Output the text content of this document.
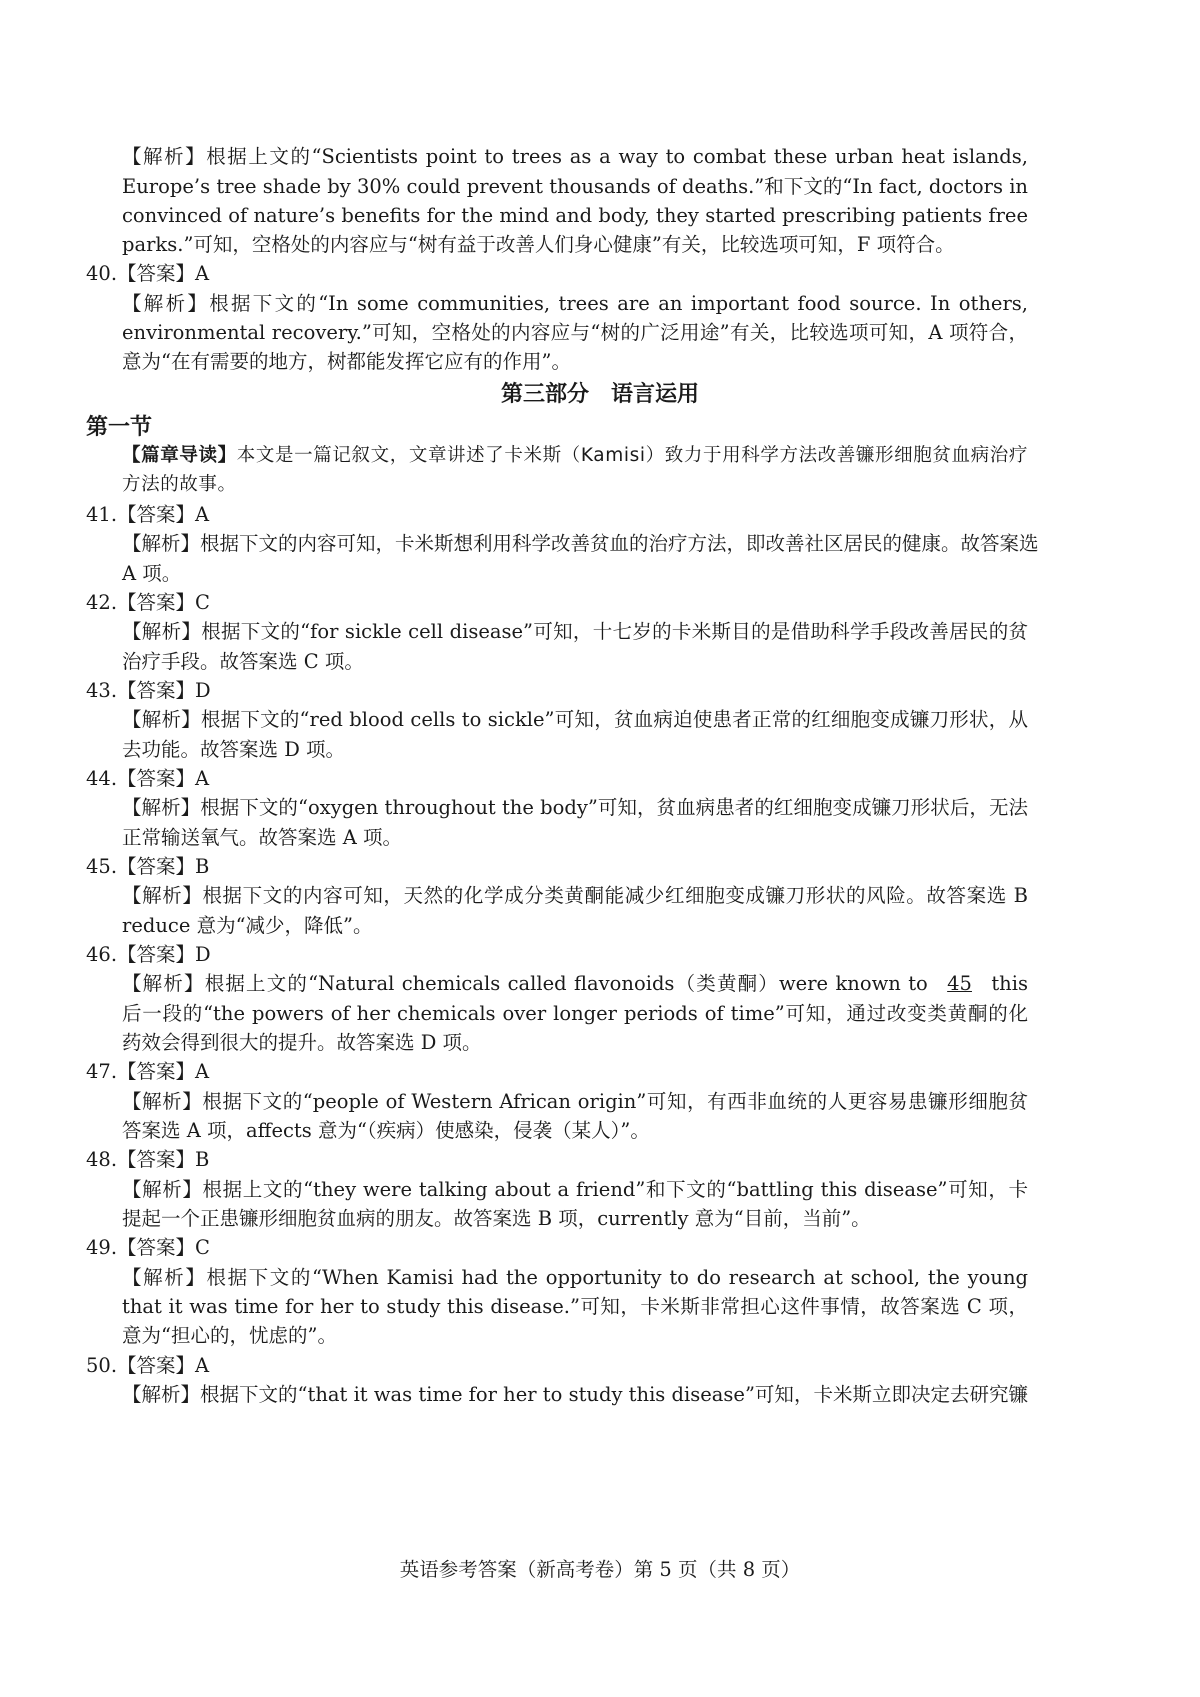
【解析】根据上文的“Scientists point to trees as a way to combat these urban heat islands,
Europe’s tree shade by 30% could prevent thousands of deaths.”和下文的“In fact, doctors in
convinced of nature’s benefits for the mind and body, they started prescribing patients free
parks.”可知，空格处的内容应与“树有益于改善人们身心健康”有关，比较选项可知，F 项符合。
40.【答案】A
【解析】根据下文的“In some communities, trees are an important food source. In others,
environmental recovery.”可知，空格处的内容应与“树的广泛用途”有关，比较选项可知，A 项符合，
意为“在有需要的地方，树都能发挥它应有的作用”。
第三部分 语言运用
第一节
【篇章导读】本文是一篇记叙文，文章讲述了卡米斯（Kamisi）致力于用科学方法改善镰形细胞贫血病治疗
方法的故事。
41.【答案】A
【解析】根据下文的内容可知，卡米斯想利用科学改善贫血的治疗方法，即改善社区居民的健康。故答案选
A 项。
42.【答案】C
【解析】根据下文的“for sickle cell disease”可知，十七岁的卡米斯目的是借助科学手段改善居民的贫
治疗手段。故答案选 C 项。
43.【答案】D
【解析】根据下文的“red blood cells to sickle”可知，贫血病迫使患者正常的红细胞变成镰刀形状，从
去功能。故答案选 D 项。
44.【答案】A
【解析】根据下文的“oxygen throughout the body”可知，贫血病患者的红细胞变成镰刀形状后，无法
正常输送氧气。故答案选 A 项。
45.【答案】B
【解析】根据下文的内容可知，天然的化学成分类黄酮能减少红细胞变成镰刀形状的风险。故答案选 B
reduce 意为“减少，降低”。
46.【答案】D
【解析】根据上文的“Natural chemicals called flavonoids（类黄酮）were known to 45 this
后一段的“the powers of her chemicals over longer periods of time”可知，通过改变类黄酮的化
药效会得到很大的提升。故答案选 D 项。
47.【答案】A
【解析】根据下文的“people of Western African origin”可知，有西非血统的人更容易患镰形细胞贫
答案选 A 项，affects 意为“（疾病）使感染，侵袭（某人）”。
48.【答案】B
【解析】根据上文的“they were talking about a friend”和下文的“battling this disease”可知，卡
提起一个正患镰形细胞贫血病的朋友。故答案选 B 项，currently 意为“目前，当前”。
49.【答案】C
【解析】根据下文的“When Kamisi had the opportunity to do research at school, the young
that it was time for her to study this disease.”可知，卡米斯非常担心这件事情，故答案选 C 项，
意为“担心的，忧虑的”。
50.【答案】A
【解析】根据下文的“that it was time for her to study this disease”可知，卡米斯立即决定去研究镰
英语参考答案（新高考卷）第 5 页（共 8 页）
